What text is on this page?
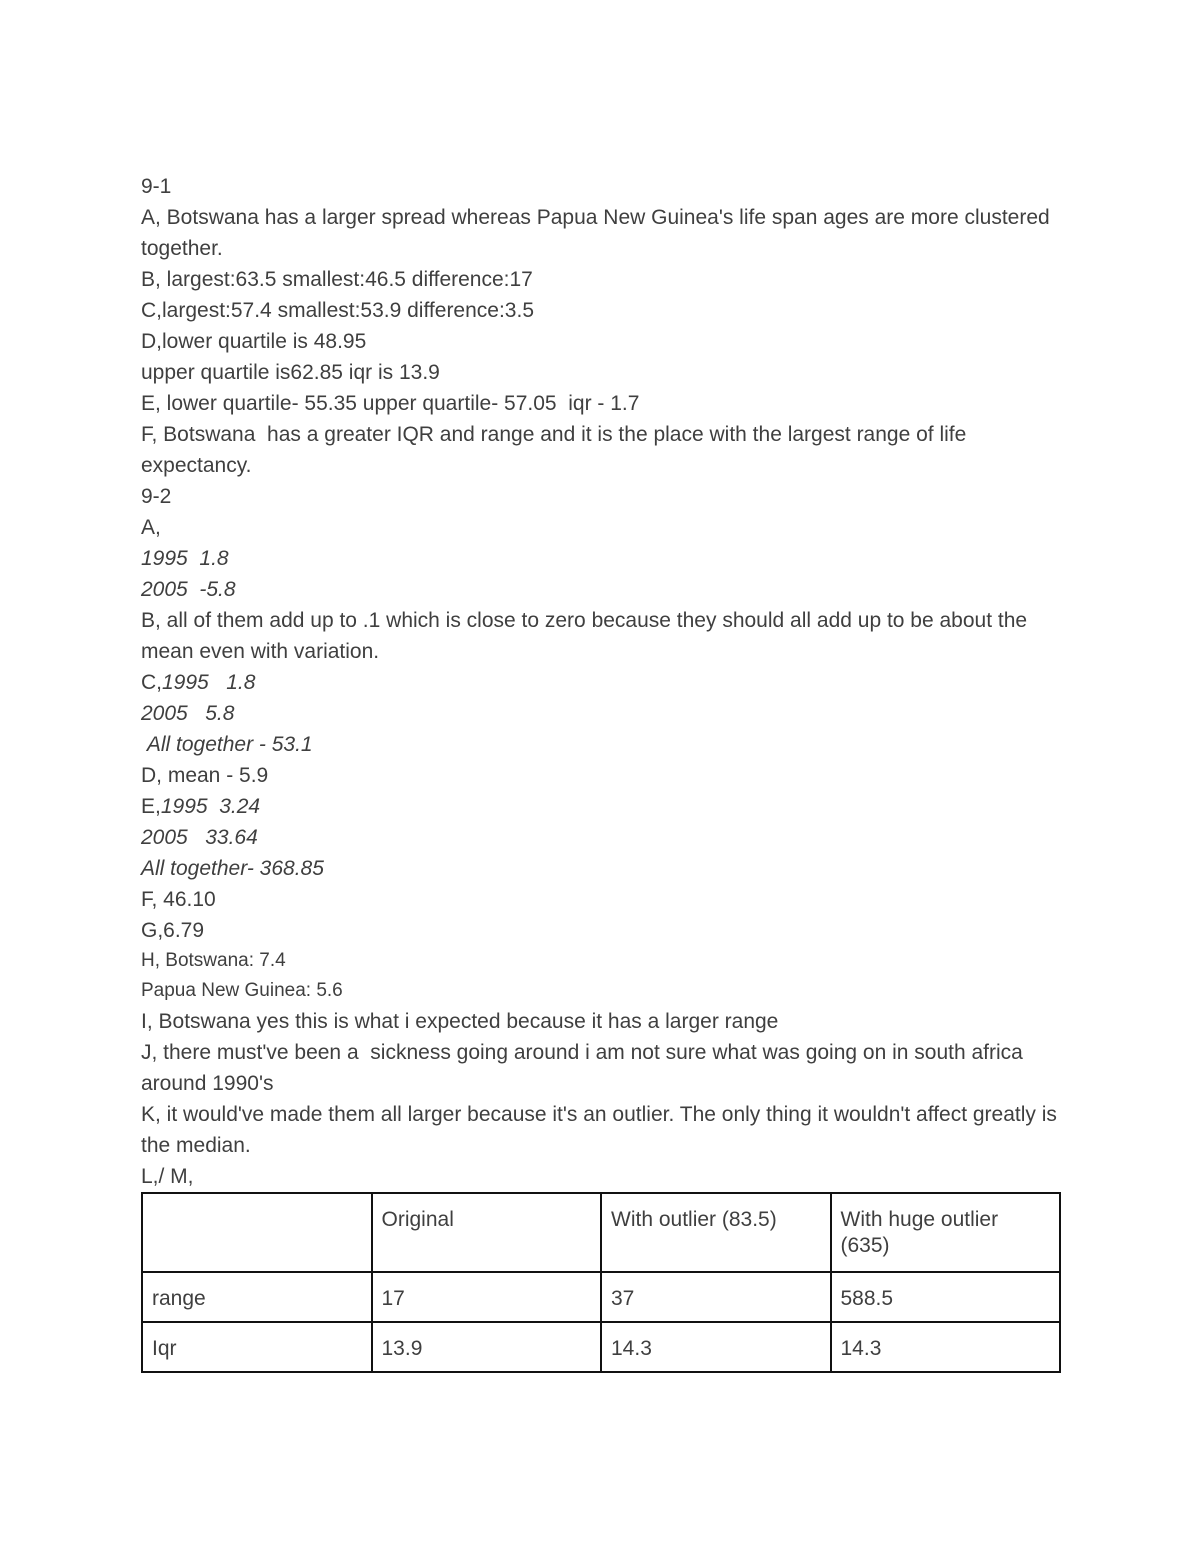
9-1

A, Botswana has a larger spread whereas Papua New Guinea's life span ages are more clustered together.

B, largest:63.5 smallest:46.5 difference:17

C,largest:57.4 smallest:53.9 difference:3.5

D,lower quartile is 48.95

upper quartile is62.85 iqr is 13.9

E, lower quartile- 55.35 upper quartile- 57.05  iqr - 1.7

F, Botswana  has a greater IQR and range and it is the place with the largest range of life expectancy.

9-2

A,

1995  1.8

2005  -5.8

B, all of them add up to .1 which is close to zero because they should all add up to be about the mean even with variation.

C,1995   1.8

2005   5.8

All together - 53.1

D, mean - 5.9

E,1995  3.24

2005   33.64

All together- 368.85

F, 46.10

G,6.79

H, Botswana: 7.4

Papua New Guinea: 5.6

I, Botswana yes this is what i expected because it has a larger range

J, there must've been a  sickness going around i am not sure what was going on in south africa around 1990's

K, it would've made them all larger because it's an outlier. The only thing it wouldn't affect greatly is the median.

L,/ M,

	Original	With outlier (83.5)	With huge outlier (635)
range	17	37	588.5
Iqr	13.9	14.3	14.3
